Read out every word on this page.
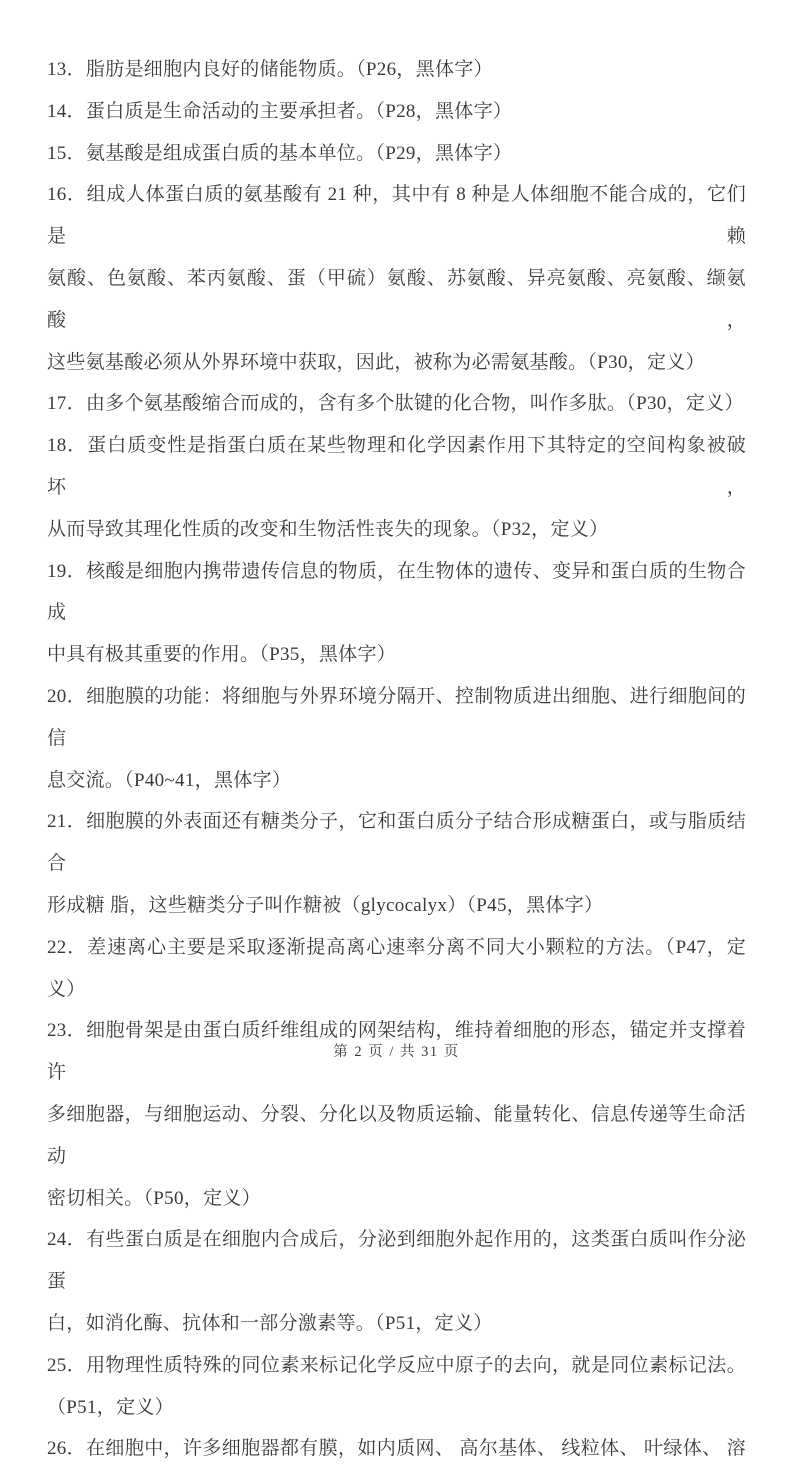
13．脂肪是细胞内良好的储能物质。（P26，黑体字）

14．蛋白质是生命活动的主要承担者。（P28，黑体字）

15．氨基酸是组成蛋白质的基本单位。（P29，黑体字）

16．组成人体蛋白质的氨基酸有 21 种，其中有 8 种是人体细胞不能合成的，它们是赖
氨酸、色氨酸、苯丙氨酸、蛋（甲硫）氨酸、苏氨酸、异亮氨酸、亮氨酸、缬氨酸，
这些氨基酸必须从外界环境中获取，因此，被称为必需氨基酸。（P30，定义）

17．由多个氨基酸缩合而成的，含有多个肽键的化合物，叫作多肽。（P30，定义）

18．蛋白质变性是指蛋白质在某些物理和化学因素作用下其特定的空间构象被破坏，
从而导致其理化性质的改变和生物活性丧失的现象。（P32，定义）

19．核酸是细胞内携带遗传信息的物质，在生物体的遗传、变异和蛋白质的生物合成
中具有极其重要的作用。（P35，黑体字）

20．细胞膜的功能：将细胞与外界环境分隔开、控制物质进出细胞、进行细胞间的信
息交流。（P40~41，黑体字）

21．细胞膜的外表面还有糖类分子，它和蛋白质分子结合形成糖蛋白，或与脂质结合
形成糖 脂，这些糖类分子叫作糖被（glycocalyx）（P45，黑体字）

22．差速离心主要是采取逐渐提高离心速率分离不同大小颗粒的方法。（P47，定义）

23．细胞骨架是由蛋白质纤维组成的网架结构，维持着细胞的形态，锚定并支撑着许
多细胞器，与细胞运动、分裂、分化以及物质运输、能量转化、信息传递等生命活动
密切相关。（P50，定义）

24．有些蛋白质是在细胞内合成后，分泌到细胞外起作用的，这类蛋白质叫作分泌蛋
白，如消化酶、抗体和一部分激素等。（P51，定义）

25．用物理性质特殊的同位素来标记化学反应中原子的去向，就是同位素标记法。
（P51，定义）

26．在细胞中，许多细胞器都有膜，如内质网、 高尔基体、 线粒体、 叶绿体、 溶

第 2 页 / 共 31 页
